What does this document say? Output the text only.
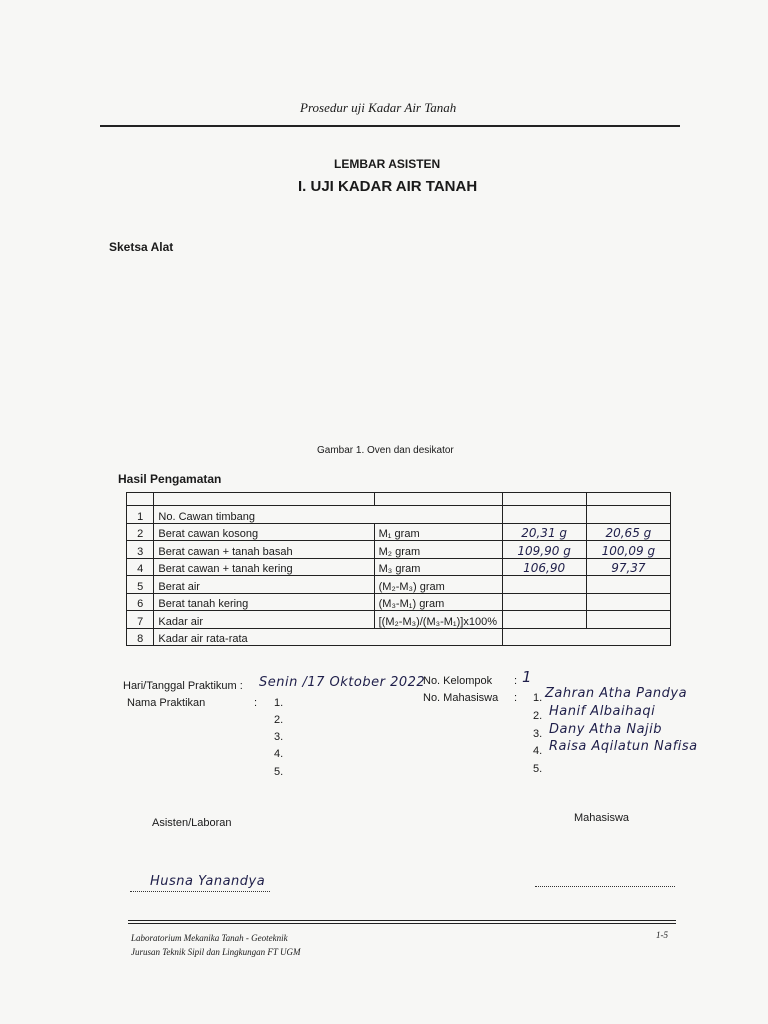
Prosedur uji Kadar Air Tanah
LEMBAR ASISTEN
I. UJI KADAR AIR TANAH
Sketsa Alat
Gambar 1. Oven dan desikator
Hasil Pengamatan

1	No. Cawan timbang			
2	Berat cawan kosong	M₁ gram	20,31 g	20,65 g
3	Berat cawan + tanah basah	M₂ gram	109,90 g	100,09 g
4	Berat cawan + tanah kering	M₃ gram	106,90	97,37
5	Berat air	(M₂-M₃) gram		
6	Berat tanah kering	(M₃-M₁) gram		
7	Kadar air	[(M₂-M₃)/(M₃-M₁)]x100%		
8	Kadar air rata-rata			
Hari/Tanggal Praktikum : Senin /17 Oktober 2022
Nama Praktikan	: 1.
2.
3.
4.
5.
No. Kelompok : 1
No. Mahasiswa : 1. Zahran Atha Pandya
2. Hanif Albaihaqi
3. Dany Atha Najib
4. Raisa Aqilatun Nafisa
5.
Asisten/Laboran	Mahasiswa
Husna Yanandya
Laboratorium Mekanika Tanah - Geoteknik
Jurusan Teknik Sipil dan Lingkungan FT UGM
1-5
